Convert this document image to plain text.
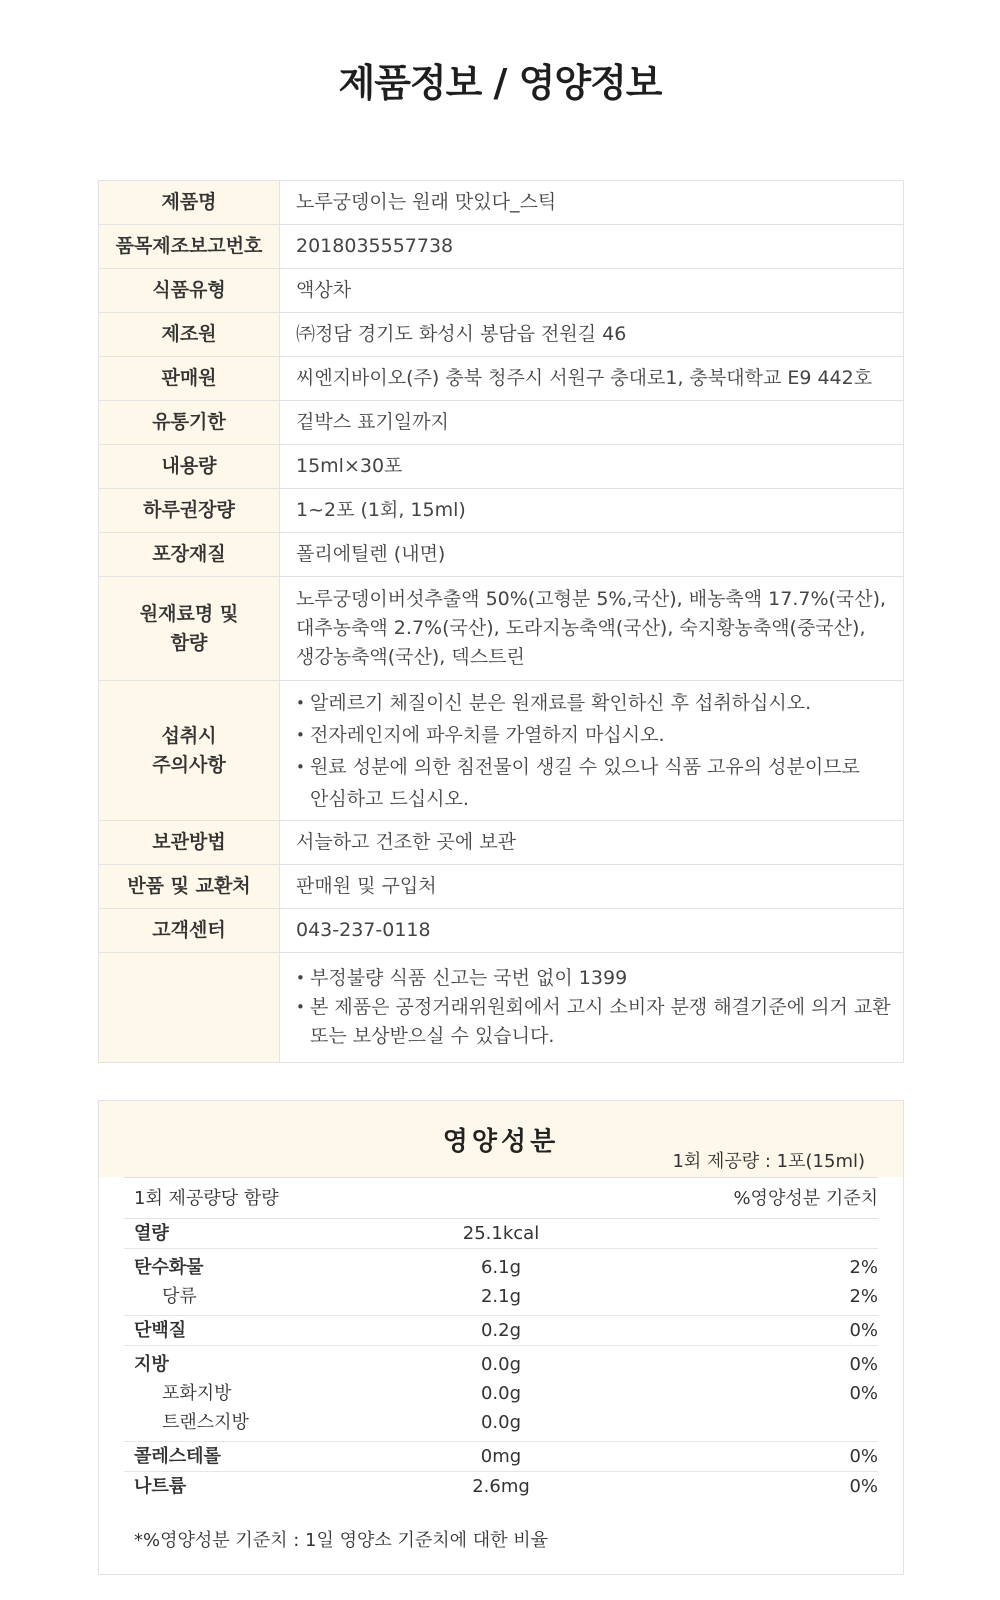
제품정보 / 영양정보
제품명	노루궁뎅이는 원래 맛있다_스틱
품목제조보고번호	2018035557738
식품유형	액상차
제조원	㈜정담 경기도 화성시 봉담읍 전원길 46
판매원	씨엔지바이오(주) 충북 청주시 서원구 충대로1, 충북대학교 E9 442호
유통기한	겉박스 표기일까지
내용량	15ml×30포
하루권장량	1~2포 (1회, 15ml)
포장재질	폴리에틸렌 (내면)

원재료명 및
함량	노루궁뎅이버섯추출액 50%(고형분 5%,국산), 배농축액 17.7%(국산),
대추농축액 2.7%(국산), 도라지농축액(국산), 숙지황농축액(중국산),
생강농축액(국산), 덱스트린

섭취시
주의사항	• 알레르기 체질이신 분은 원재료를 확인하신 후 섭취하십시오.
• 전자레인지에 파우치를 가열하지 마십시오.
• 원료 성분에 의한 침전물이 생길 수 있으나 식품 고유의 성분이므로
안심하고 드십시오.

보관방법	서늘하고 건조한 곳에 보관
반품 및 교환처	판매원 및 구입처
고객센터	043-237-0118

	• 부정불량 식품 신고는 국번 없이 1399
• 본 제품은 공정거래위원회에서 고시 소비자 분쟁 해결기준에 의거 교환
또는 보상받으실 수 있습니다.
영양성분
1회 제공량 : 1포(15ml)
1회 제공량당 함량		%영양성분 기준치
열량	25.1kcal	
탄수화물	6.1g	2%
당류	2.1g	2%
단백질	0.2g	0%
지방	0.0g	0%
포화지방	0.0g	0%
트랜스지방	0.0g	
콜레스테롤	0mg	0%
나트륨	2.6mg	0%
*%영양성분 기준치 : 1일 영양소 기준치에 대한 비율
